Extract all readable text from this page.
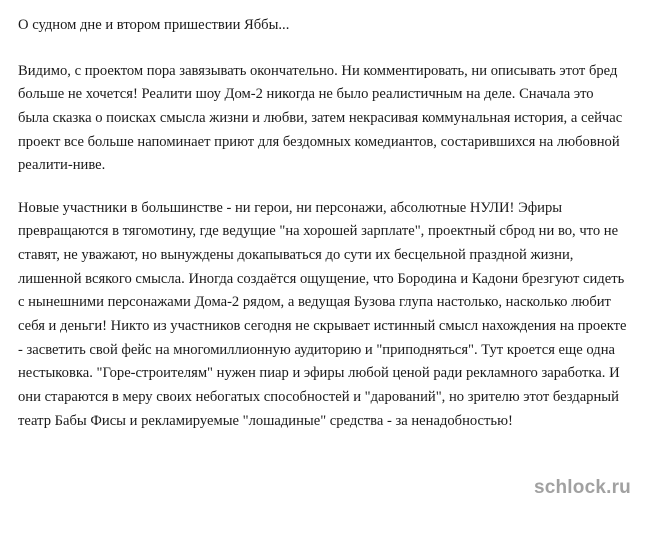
О судном дне и втором пришествии Яббы...

Видимо, с проектом пора завязывать окончательно. Ни комментировать, ни описывать этот бред больше не хочется! Реалити шоу Дом-2 никогда не было реалистичным на деле. Сначала это была сказка о поисках смысла жизни и любви, затем некрасивая коммунальная история, а сейчас проект все больше напоминает приют для бездомных комедиантов, состарившихся на любовной реалити-ниве.

Новые участники в большинстве - ни герои, ни персонажи, абсолютные НУЛИ! Эфиры превращаются в тягомотину, где ведущие "на хорошей зарплате", проектный сброд ни во, что не ставят, не уважают, но вынуждены докапываться до сути их бесцельной праздной жизни, лишенной всякого смысла. Иногда создаётся ощущение, что Бородина и Кадони брезгуют сидеть с нынешними персонажами Дома-2 рядом, а ведущая Бузова глупа настолько, насколько любит себя и деньги! Никто из участников сегодня не скрывает истинный смысл нахождения на проекте - засветить свой фейс на многомиллионную аудиторию и "приподняться". Тут кроется еще одна нестыковка. "Горе-строителям" нужен пиар и эфиры любой ценой ради рекламного заработка. И они стараются в меру своих небогатых способностей и "дарований", но зрителю этот бездарный театр Бабы Фисы и рекламируемые "лошадиные" средства - за ненадобностью!

schlock.ru
